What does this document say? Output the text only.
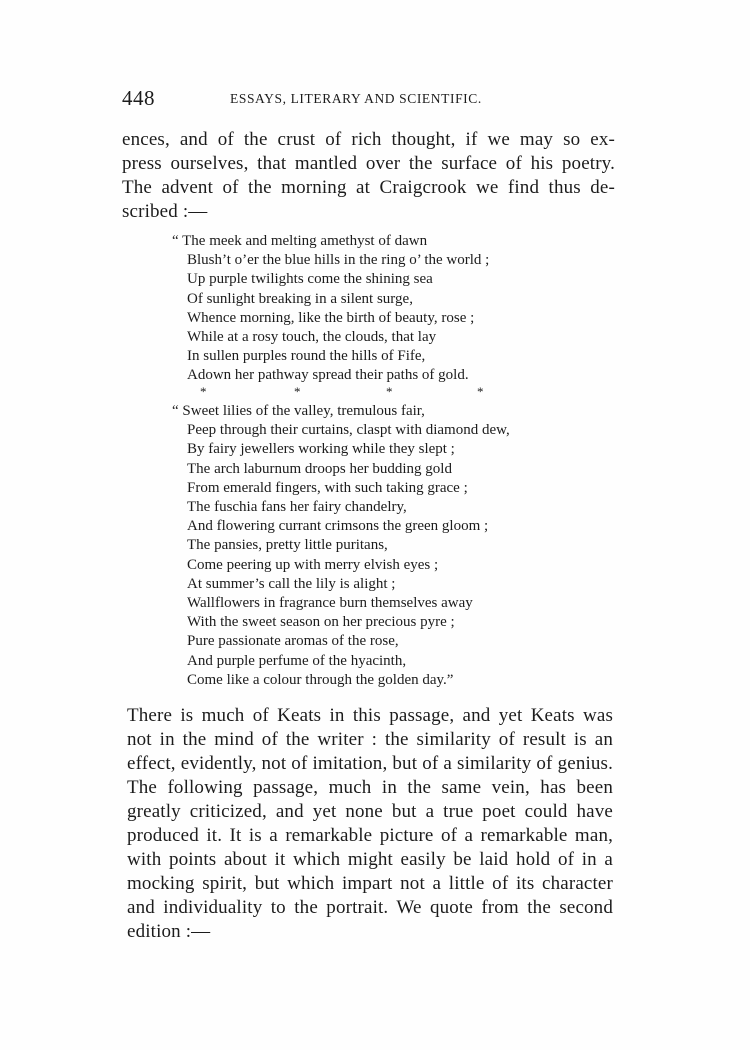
448	ESSAYS, LITERARY AND SCIENTIFIC.
ences, and of the crust of rich thought, if we may so ex-
press ourselves, that mantled over the surface of his poetry.
The advent of the morning at Craigcrook we find thus de-
scribed :—
“ The meek and melting amethyst of dawn
Blush’t o’er the blue hills in the ring o’ the world ;
Up purple twilights come the shining sea
Of sunlight breaking in a silent surge,
Whence morning, like the birth of beauty, rose ;
While at a rosy touch, the clouds, that lay
In sullen purples round the hills of Fife,
Adown her pathway spread their paths of gold.
*	*	*	*
“ Sweet lilies of the valley, tremulous fair,
Peep through their curtains, claspt with diamond dew,
By fairy jewellers working while they slept ;
The arch laburnum droops her budding gold
From emerald fingers, with such taking grace ;
The fuschia fans her fairy chandelry,
And flowering currant crimsons the green gloom ;
The pansies, pretty little puritans,
Come peering up with merry elvish eyes ;
At summer’s call the lily is alight ;
Wallflowers in fragrance burn themselves away
With the sweet season on her precious pyre ;
Pure passionate aromas of the rose,
And purple perfume of the hyacinth,
Come like a colour through the golden day.”
There is much of Keats in this passage, and yet Keats was
not in the mind of the writer : the similarity of result is an
effect, evidently, not of imitation, but of a similarity of genius.
The following passage, much in the same vein, has been
greatly criticized, and yet none but a true poet could have
produced it. It is a remarkable picture of a remarkable man,
with points about it which might easily be laid hold of in a
mocking spirit, but which impart not a little of its character
and individuality to the portrait. We quote from the second
edition :—
